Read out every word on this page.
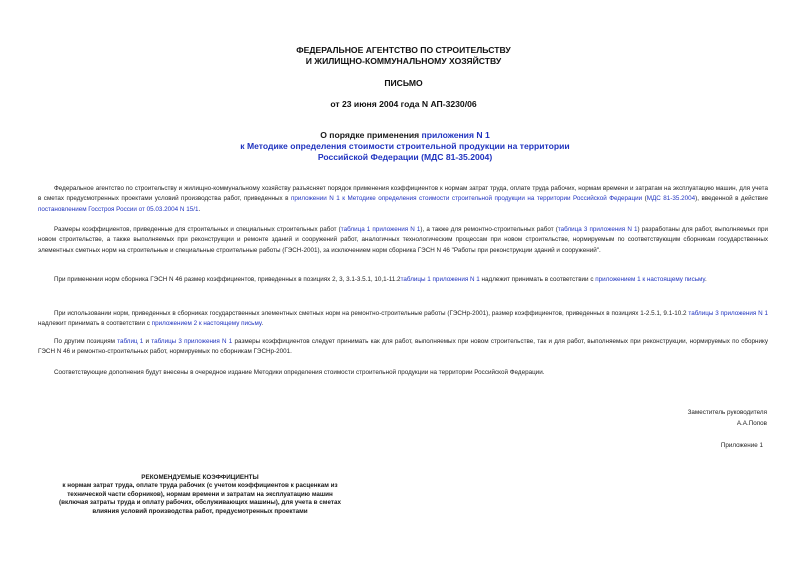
ФЕДЕРАЛЬНОЕ АГЕНТСТВО ПО СТРОИТЕЛЬСТВУ
И ЖИЛИЩНО-КОММУНАЛЬНОМУ ХОЗЯЙСТВУ
ПИСЬМО
от 23 июня 2004 года N АП-3230/06
О порядке применения приложения N 1
к Методике определения стоимости строительной продукции на территории
Российской Федерации (МДС 81-35.2004)
Федеральное агентство по строительству и жилищно-коммунальному хозяйству разъясняет порядок применения коэффициентов к нормам затрат труда, оплате труда рабочих, нормам времени и затратам на эксплуатацию машин, для учета в сметах предусмотренных проектами условий производства работ, приведенных в приложении N 1 к Методике определения стоимости строительной продукции на территории Российской Федерации (МДС 81-35.2004), введенной в действие постановлением Госстроя России от 05.03.2004 N 15/1.
Размеры коэффициентов, приведенные для строительных и специальных строительных работ (таблица 1 приложения N 1), а также для ремонтно-строительных работ (таблица 3 приложения N 1) разработаны для работ, выполняемых при новом строительстве, а также выполняемых при реконструкции и ремонте зданий и сооружений работ, аналогичных технологическим процессам при новом строительстве, нормируемым по соответствующим сборникам государственных элементных сметных норм на строительные и специальные строительные работы (ГЭСН-2001), за исключением норм сборника ГЭСН N 46 "Работы при реконструкции зданий и сооружений".
При применении норм сборника ГЭСН N 46 размер коэффициентов, приведенных в позициях 2, 3, 3.1-3.5.1, 10,1-11.2таблицы 1 приложения N 1 надлежит принимать в соответствии с приложением 1 к настоящему письму.
При использовании норм, приведенных в сборниках государственных элементных сметных норм на ремонтно-строительные работы (ГЭСНр-2001), размер коэффициентов, приведенных в позициях 1-2.5.1, 9.1-10.2 таблицы 3 приложения N 1 надлежит принимать в соответствии с приложением 2 к настоящему письму.
По другим позициям таблиц 1 и таблицы 3 приложения N 1 размеры коэффициентов следует принимать как для работ, выполняемых при новом строительстве, так и для работ, выполняемых при реконструкции, нормируемых по сборнику ГЭСН N 46 и ремонтно-строительных работ, нормируемых по сборникам ГЭСНр-2001.
Соответствующие дополнения будут внесены в очередное издание Методики определения стоимости строительной продукции на территории Российской Федерации.
Заместитель руководителя
А.А.Попов
Приложение 1
РЕКОМЕНДУЕМЫЕ КОЭФФИЦИЕНТЫ
к нормам затрат труда, оплате труда рабочих (с учетом коэффициентов к расценкам из
технической части сборников), нормам времени и затратам на эксплуатацию машин
(включая затраты труда и оплату рабочих, обслуживающих машины), для учета в сметах
влияния условий производства работ, предусмотренных проектами
